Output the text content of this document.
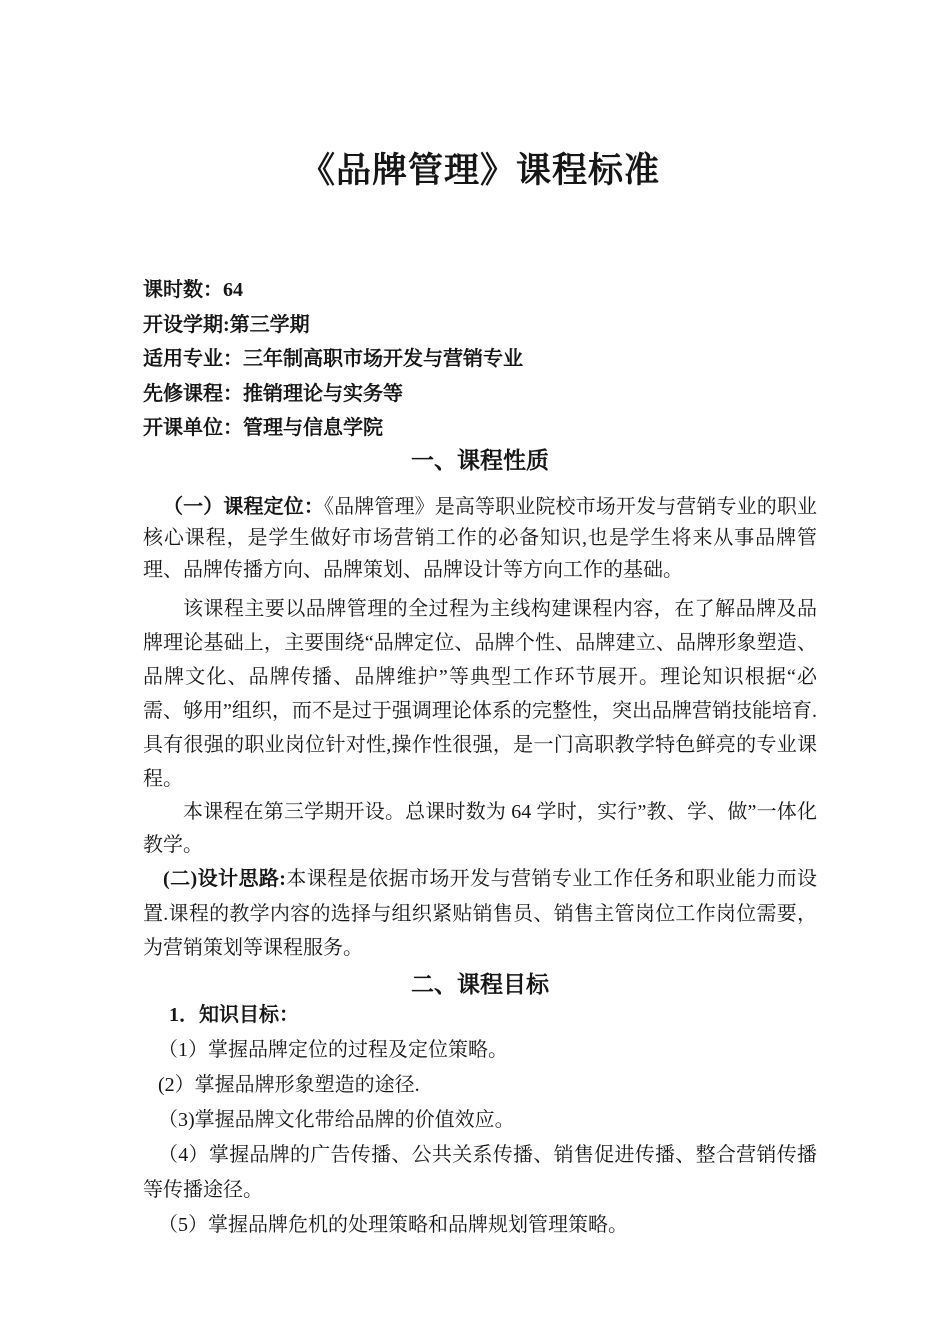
《品牌管理》课程标准
课时数：64
开设学期:第三学期
适用专业：三年制高职市场开发与营销专业
先修课程：推销理论与实务等
开课单位：管理与信息学院
一、课程性质

（一）课程定位：《品牌管理》是高等职业院校市场开发与营销专业的职业核心课程，是学生做好市场营销工作的必备知识,也是学生将来从事品牌管理、品牌传播方向、品牌策划、品牌设计等方向工作的基础。

该课程主要以品牌管理的全过程为主线构建课程内容，在了解品牌及品牌理论基础上，主要围绕“品牌定位、品牌个性、品牌建立、品牌形象塑造、品牌文化、品牌传播、品牌维护”等典型工作环节展开。理论知识根据“必需、够用”组织，而不是过于强调理论体系的完整性，突出品牌营销技能培育.具有很强的职业岗位针对性,操作性很强，是一门高职教学特色鲜亮的专业课程。

本课程在第三学期开设。总课时数为 64 学时，实行”教、学、做”一体化教学。

(二)设计思路:本课程是依据市场开发与营销专业工作任务和职业能力而设置.课程的教学内容的选择与组织紧贴销售员、销售主管岗位工作岗位需要，为营销策划等课程服务。

二、课程目标

1．知识目标：

（1）掌握品牌定位的过程及定位策略。

(2）掌握品牌形象塑造的途径.

（3)掌握品牌文化带给品牌的价值效应。

（4）掌握品牌的广告传播、公共关系传播、销售促进传播、整合营销传播等传播途径。

（5）掌握品牌危机的处理策略和品牌规划管理策略。
